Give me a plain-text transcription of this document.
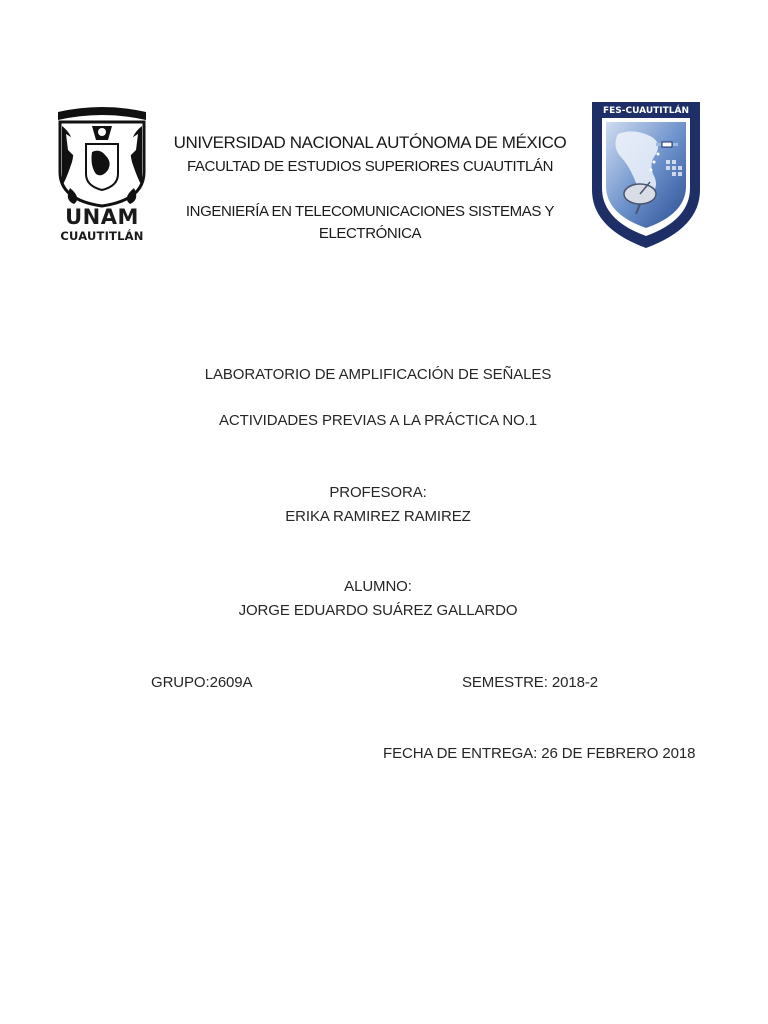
UNAM
CUAUTITLÁN
UNIVERSIDAD NACIONAL AUTÓNOMA DE MÉXICO
FACULTAD DE ESTUDIOS SUPERIORES CUAUTITLÁN
INGENIERÍA EN TELECOMUNICACIONES SISTEMAS Y
ELECTRÓNICA
FES-CUAUTITLÁN
LABORATORIO DE AMPLIFICACIÓN DE SEÑALES
ACTIVIDADES PREVIAS A LA PRÁCTICA NO.1
PROFESORA:
ERIKA RAMIREZ RAMIREZ
ALUMNO:
JORGE EDUARDO SUÁREZ GALLARDO
GRUPO:2609A	SEMESTRE: 2018-2
FECHA DE ENTREGA: 26 DE FEBRERO 2018
